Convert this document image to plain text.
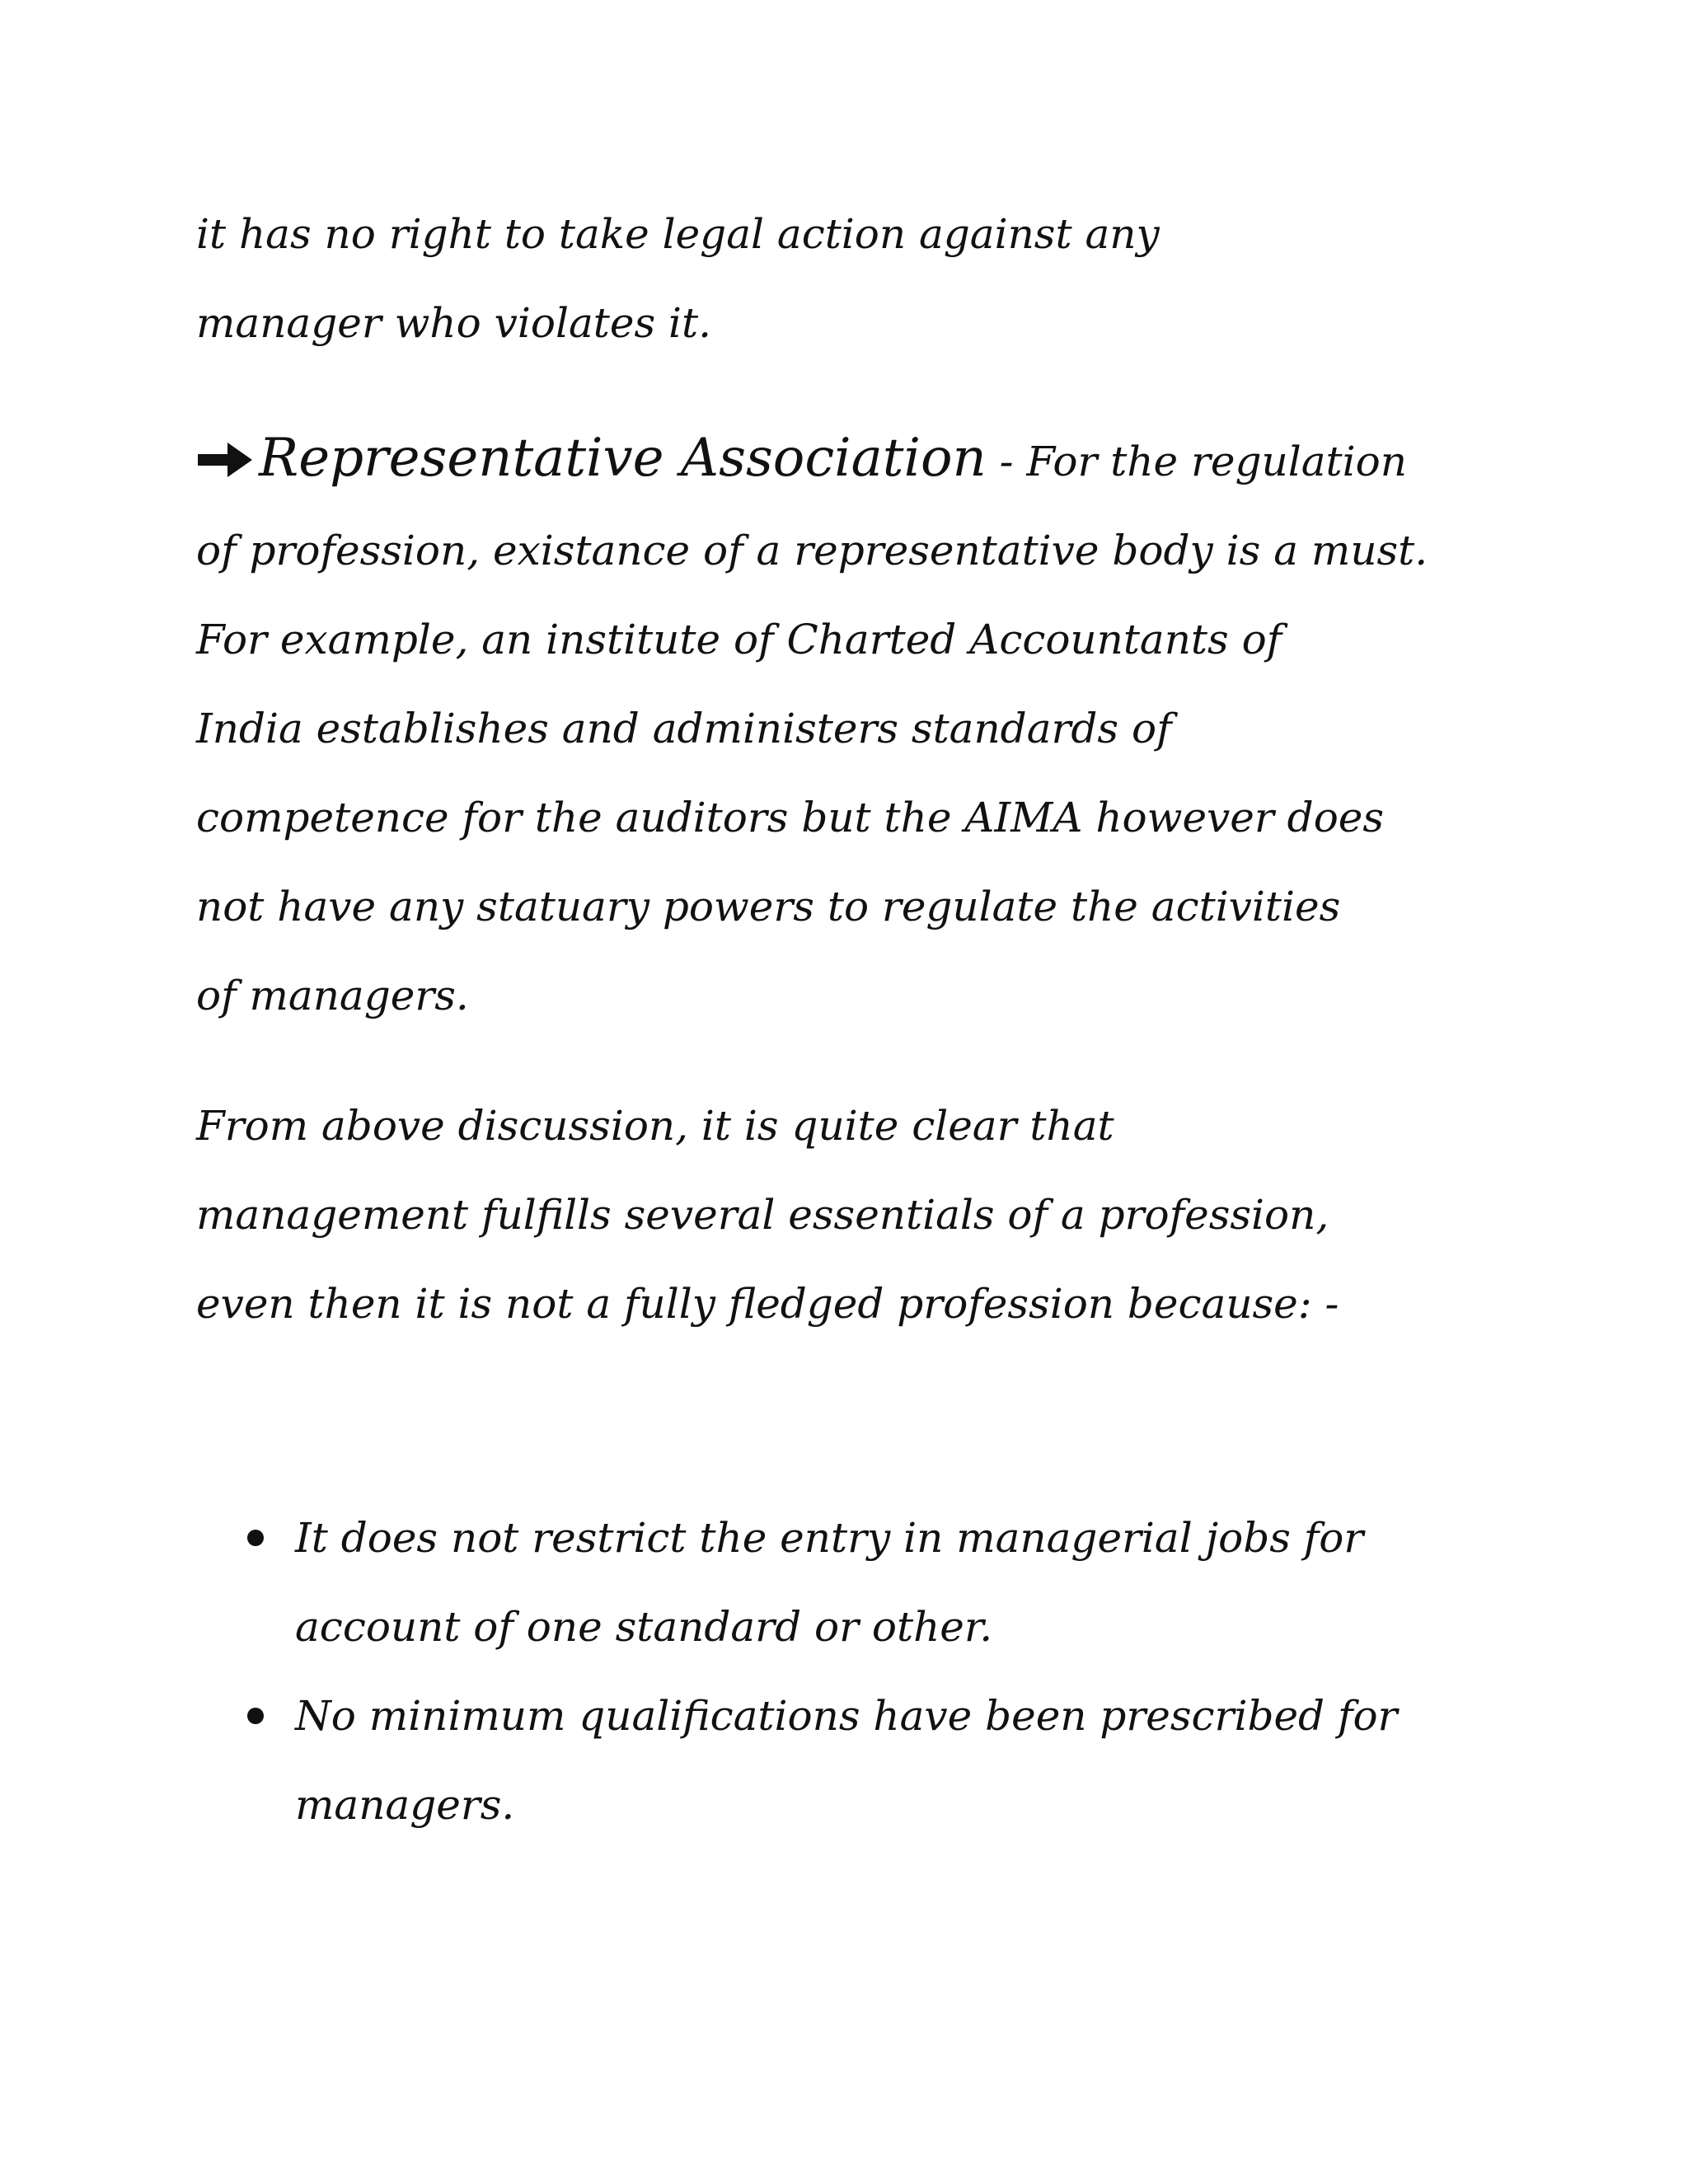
it has no right to take legal action against any
manager who violates it.

Representative Association - For the regulation
of profession, existance of a representative body is a must.
For example, an institute of Charted Accountants of
India establishes and administers standards of
competence for the auditors but the AIMA however does
not have any statuary powers to regulate the activities
of managers.

From above discussion, it is quite clear that
management fulfills several essentials of a profession,
even then it is not a fully fledged profession because: -

It does not restrict the entry in managerial jobs for
account of one standard or other.
No minimum qualifications have been prescribed for
managers.
